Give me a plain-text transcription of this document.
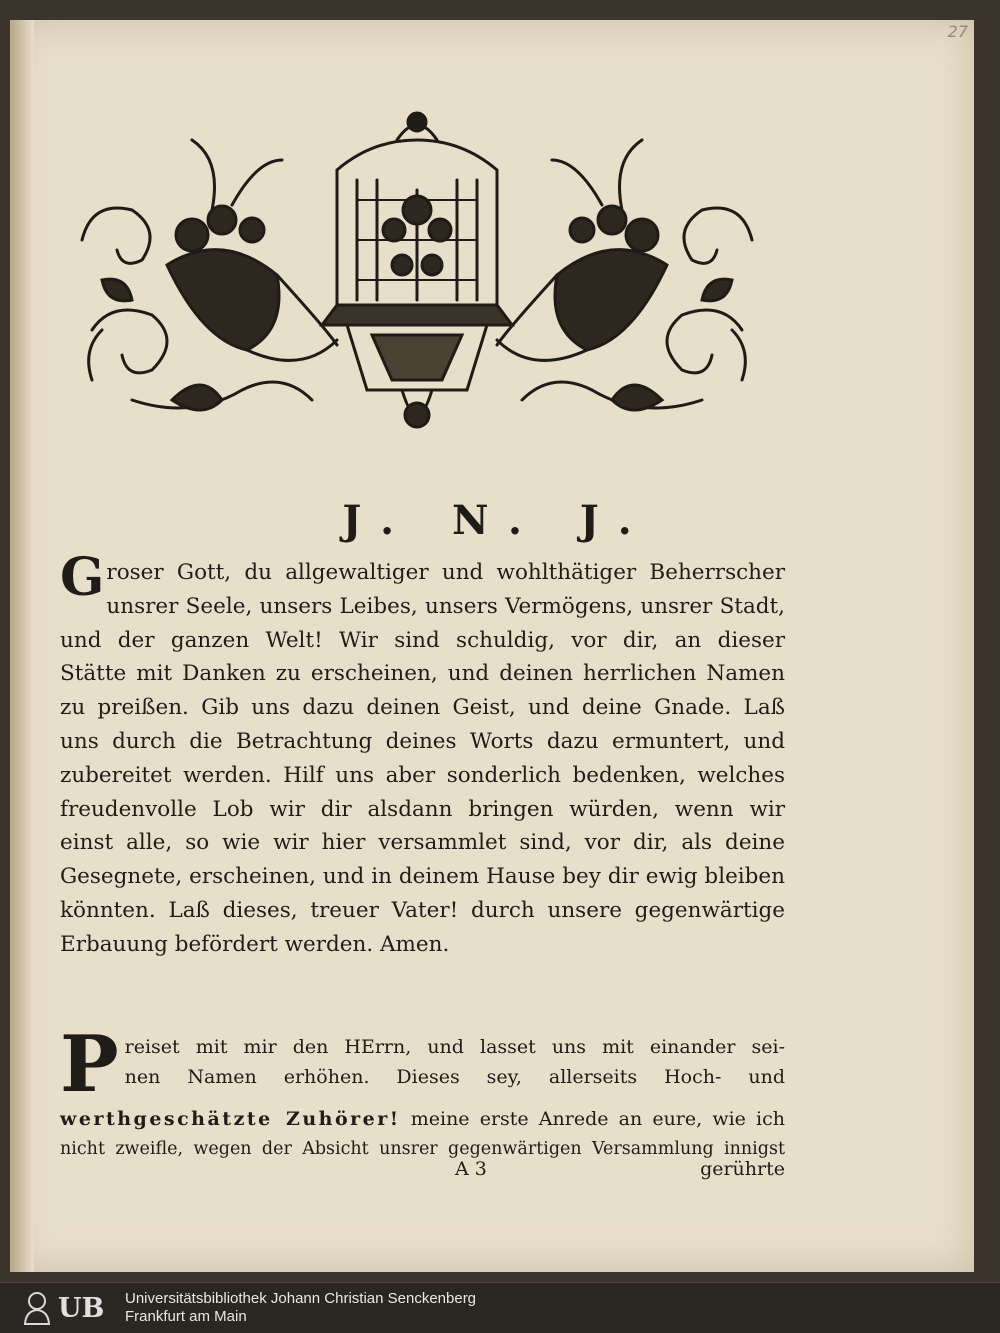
27
J. N. J.
G roser Gott, du allgewaltiger und wohlthätiger Beherrscher
unsrer Seele, unsers Leibes, unsers Vermögens, unsrer Stadt,
und der ganzen Welt! Wir sind schuldig, vor dir, an dieser
Stätte mit Danken zu erscheinen, und deinen herrlichen Namen
zu preißen. Gib uns dazu deinen Geist, und deine Gnade. Laß
uns durch die Betrachtung deines Worts dazu ermuntert, und
zubereitet werden. Hilf uns aber sonderlich bedenken, welches
freudenvolle Lob wir dir alsdann bringen würden, wenn wir
einst alle, so wie wir hier versammlet sind, vor dir, als deine
Gesegnete, erscheinen, und in deinem Hause bey dir ewig bleiben
könnten. Laß dieses, treuer Vater! durch unsere gegenwärtige
Erbauung befördert werden. Amen.
P reiset mit mir den HErrn, und lasset uns mit einander sei-
nen Namen erhöhen. Dieses sey, allerseits Hoch- und
werthgeschätzte Zuhörer! meine erste Anrede an eure, wie ich
nicht zweifle, wegen der Absicht unsrer gegenwärtigen Versammlung innigst
A 3	gerührte
UB Universitätsbibliothek Johann Christian Senckenberg
Frankfurt am Main
